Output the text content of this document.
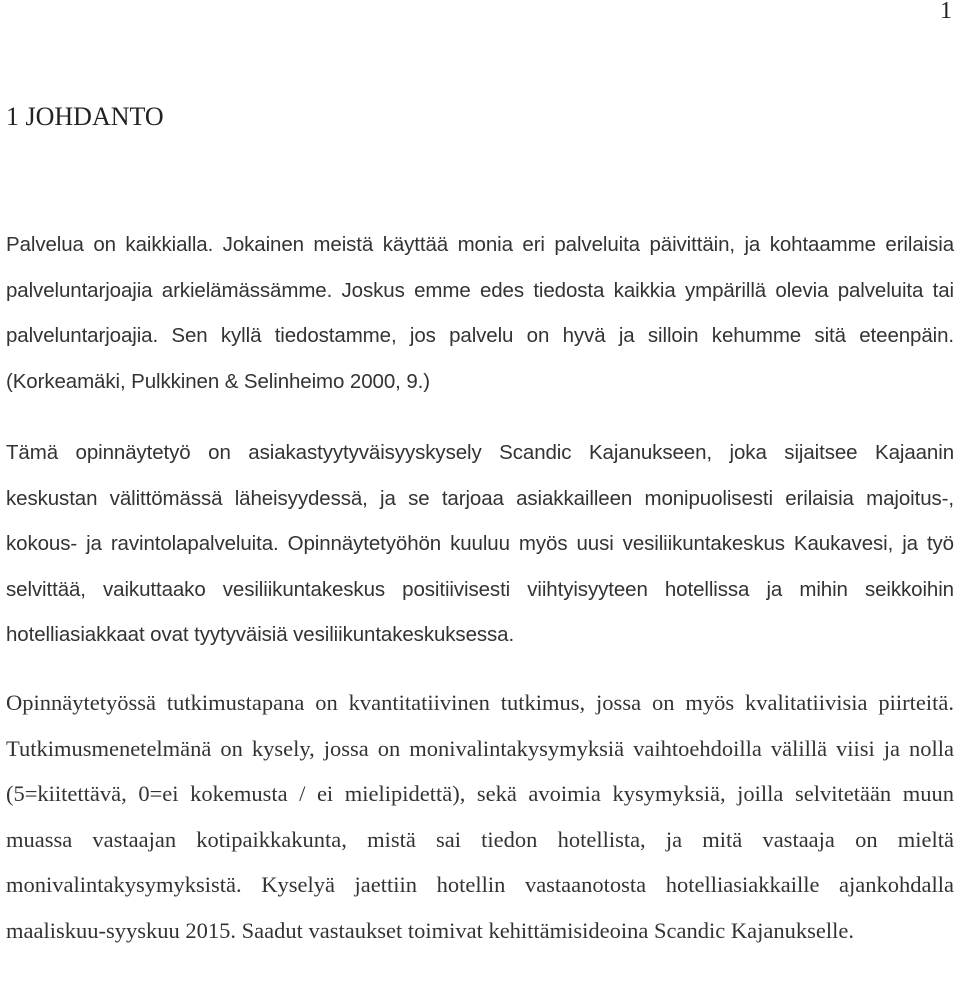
1

1 JOHDANTO

Palvelua on kaikkialla. Jokainen meistä käyttää monia eri palveluita päivittäin, ja kohtaamme erilaisia palveluntarjoajia arkielämässämme. Joskus emme edes tiedosta kaikkia ympärillä olevia palveluita tai palveluntarjoajia. Sen kyllä tiedostamme, jos palvelu on hyvä ja silloin kehumme sitä eteenpäin. (Korkeamäki, Pulkkinen & Selinheimo 2000, 9.)

Tämä opinnäytetyö on asiakastyytyväisyyskysely Scandic Kajanukseen, joka sijaitsee Kajaanin keskustan välittömässä läheisyydessä, ja se tarjoaa asiakkailleen monipuolisesti erilaisia majoitus-, kokous- ja ravintolapalveluita. Opinnäytetyöhön kuuluu myös uusi vesiliikuntakeskus Kaukavesi, ja työ selvittää, vaikuttaako vesiliikuntakeskus positiivisesti viihtyisyyteen hotellissa ja mihin seikkoihin hotelliasiakkaat ovat tyytyväisiä vesiliikuntakeskuksessa.

Opinnäytetyössä tutkimustapana on kvantitatiivinen tutkimus, jossa on myös kvalitatiivisia piirteitä. Tutkimusmenetelmänä on kysely, jossa on monivalintakysymyksiä vaihtoehdoilla välillä viisi ja nolla (5=kiitettävä, 0=ei kokemusta / ei mielipidettä), sekä avoimia kysymyksiä, joilla selvitetään muun muassa vastaajan kotipaikkakunta, mistä sai tiedon hotellista, ja mitä vastaaja on mieltä monivalintakysymyksistä. Kyselyä jaettiin hotellin vastaanotosta hotelliasiakkaille ajankohdalla maaliskuu-syyskuu 2015. Saadut vastaukset toimivat kehittämisideoina Scandic Kajanukselle.
